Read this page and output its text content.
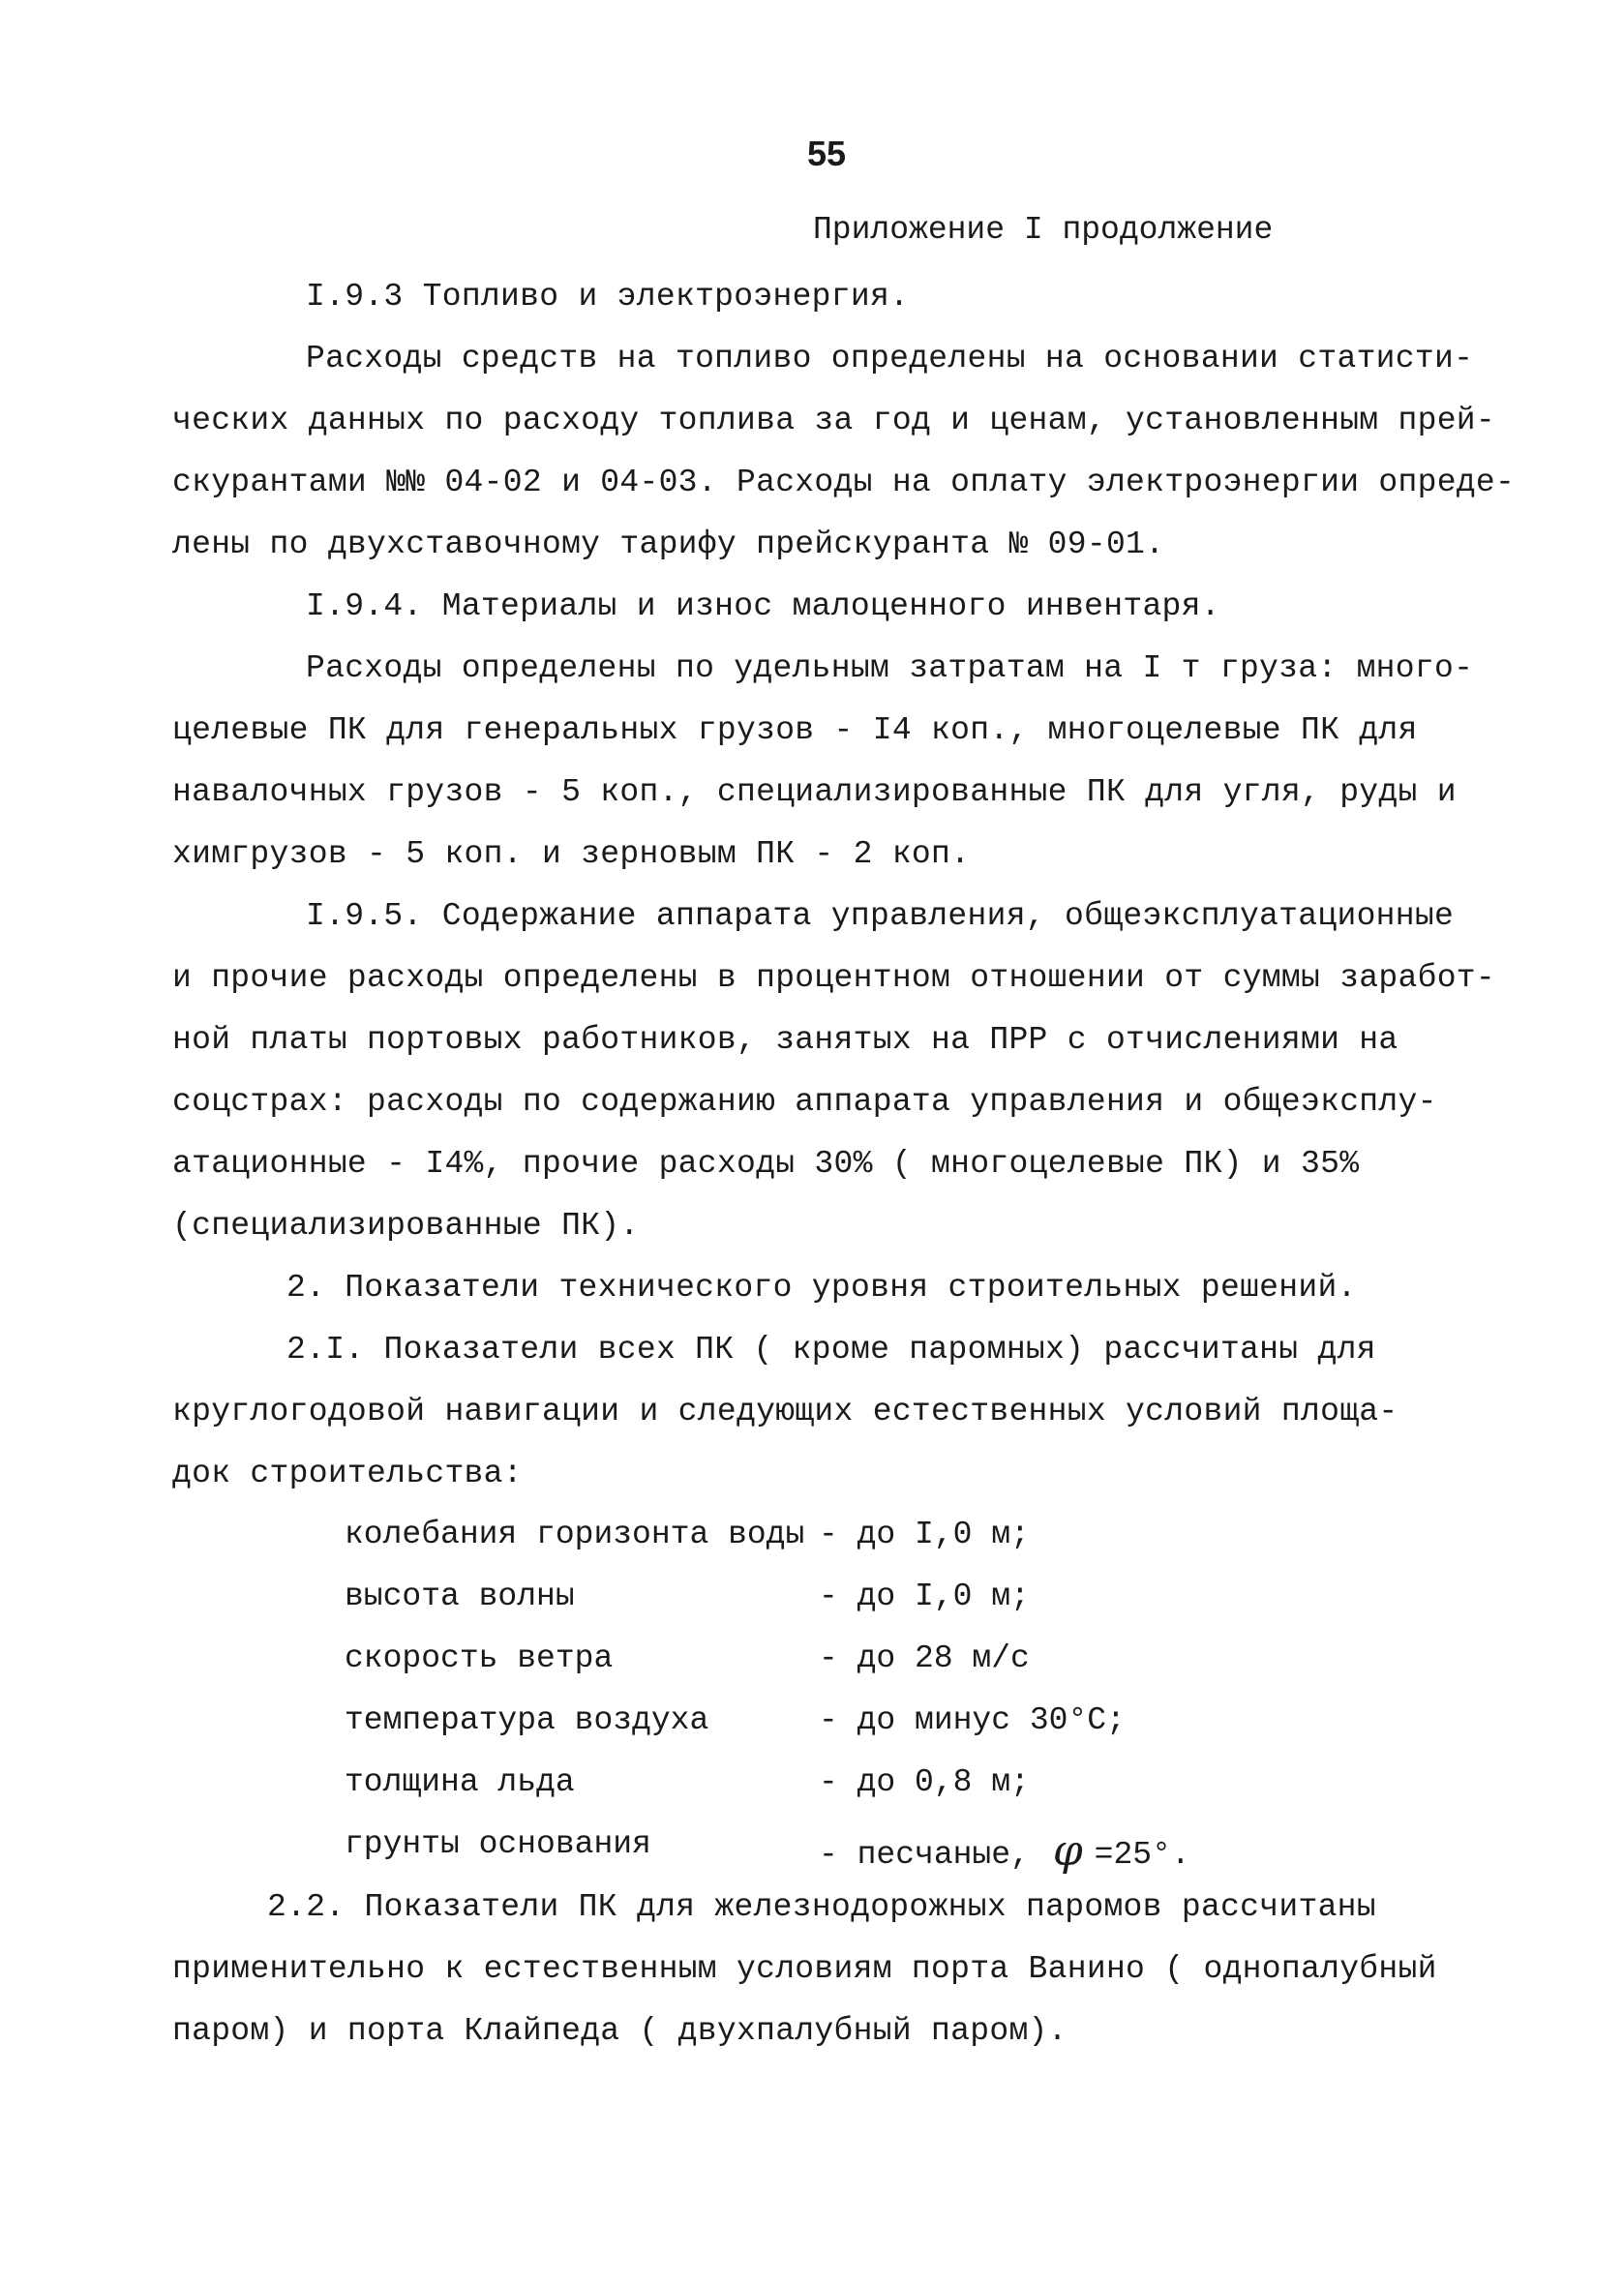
55
Приложение I продолжение
I.9.3 Топливо и электроэнергия.
Расходы средств на топливо определены на основании статисти-
ческих данных по расходу топлива за год и ценам, установленным прей-
скурантами №№ 04-02 и 04-03. Расходы на оплату электроэнергии опреде-
лены по двухставочному тарифу прейскуранта № 09-01.
I.9.4. Материалы и износ малоценного инвентаря.
Расходы определены по удельным затратам на I т груза: много-
целевые ПК для генеральных грузов - I4 коп., многоцелевые ПК для
навалочных грузов - 5 коп., специализированные ПК для угля, руды и
химгрузов - 5 коп. и зерновым ПК - 2 коп.
I.9.5. Содержание аппарата управления, общеэксплуатационные
и прочие расходы определены в процентном отношении от суммы заработ-
ной платы портовых работников, занятых на ПРР с отчислениями на
соцстрах: расходы по содержанию аппарата управления и общеэксплу-
атационные - I4%, прочие расходы 30% ( многоцелевые ПК) и 35%
(специализированные ПК).
2. Показатели технического уровня строительных решений.
2.I. Показатели всех ПК ( кроме паромных) рассчитаны для
круглогодовой навигации и следующих естественных условий площа-
док строительства:
колебания горизонта воды - до I,0 м;
высота волны	- до I,0 м;
скорость ветра	- до 28 м/с
температура воздуха	- до минус 30°С;
толщина льда	- до 0,8 м;
грунты основания	- песчаные, φ =25°.
2.2. Показатели ПК для железнодорожных паромов рассчитаны
применительно к естественным условиям порта Ванино ( однопалубный
паром) и порта Клайпеда ( двухпалубный паром).
